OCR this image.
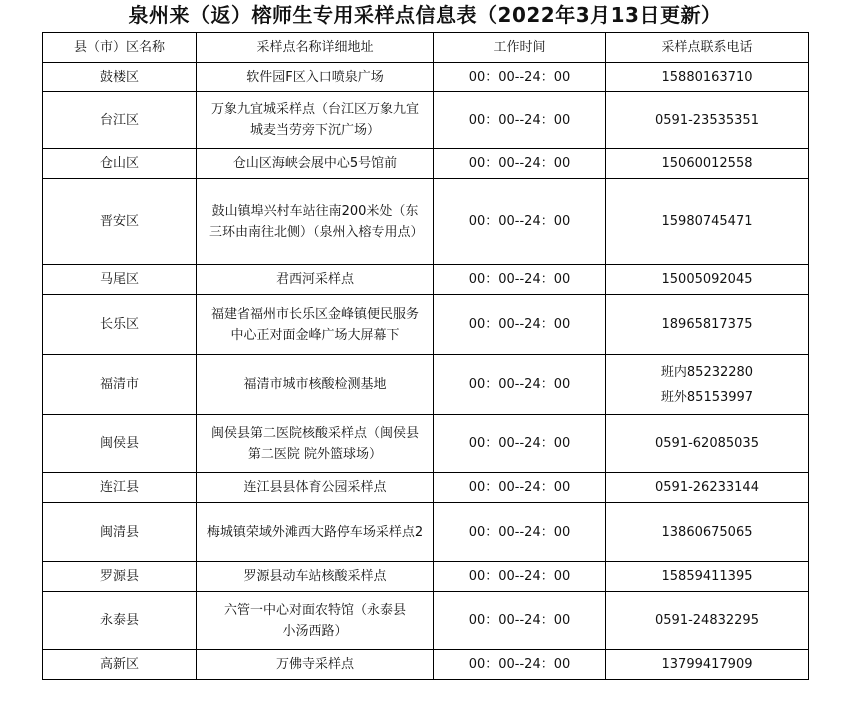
泉州来（返）榕师生专用采样点信息表（2022年3月13日更新）
县（市）区名称	采样点名称详细地址	工作时间	采样点联系电话
鼓楼区	软件园F区入口喷泉广场	00：00--24：00	15880163710
台江区	万象九宜城采样点（台江区万象九宜城麦当劳旁下沉广场）	00：00--24：00	0591-23535351
仓山区	仓山区海峡会展中心5号馆前	00：00--24：00	15060012558
晋安区	鼓山镇埠兴村车站往南200米处（东三环由南往北侧）（泉州入榕专用点）	00：00--24：00	15980745471
马尾区	君西河采样点	00：00--24：00	15005092045
长乐区	福建省福州市长乐区金峰镇便民服务中心正对面金峰广场大屏幕下	00：00--24：00	18965817375
福清市	福清市城市核酸检测基地	00：00--24：00	班内85232280
班外85153997

闽侯县	闽侯县第二医院核酸采样点（闽侯县第二医院 院外篮球场）	00：00--24：00	0591-62085035
连江县	连江县县体育公园采样点	00：00--24：00	0591-26233144
闽清县	梅城镇荣域外滩西大路停车场采样点2	00：00--24：00	13860675065
罗源县	罗源县动车站核酸采样点	00：00--24：00	15859411395
永泰县	六管一中心对面农特馆（永泰县小汤西路）	00：00--24：00	0591-24832295
高新区	万佛寺采样点	00：00--24：00	13799417909
